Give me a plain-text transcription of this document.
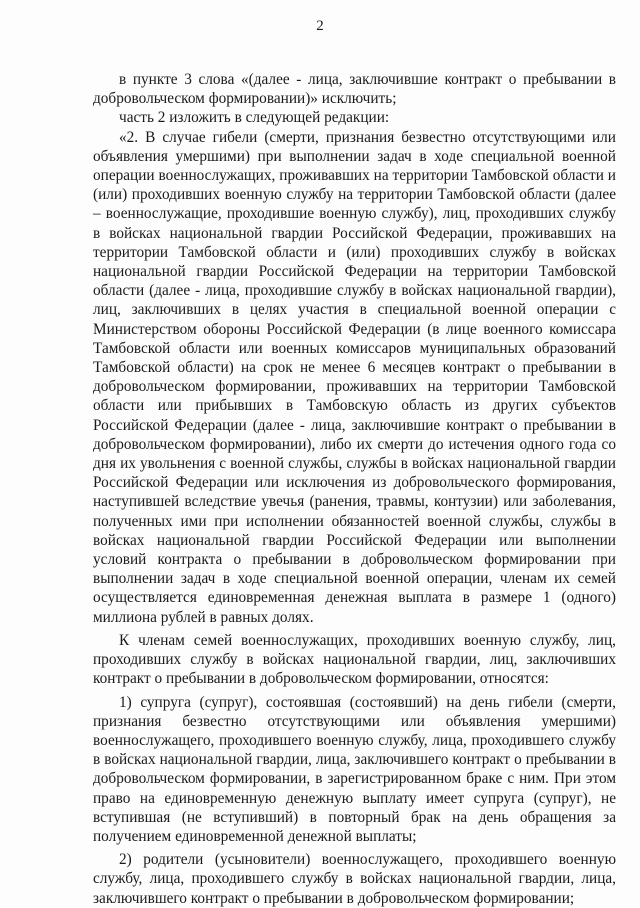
2

в пункте 3 слова «(далее - лица, заключившие контракт о пребывании в добровольческом формировании)» исключить;

часть 2 изложить в следующей редакции:

«2. В случае гибели (смерти, признания безвестно отсутствующими или объявления умершими) при выполнении задач в ходе специальной военной операции военнослужащих, проживавших на территории Тамбовской области и (или) проходивших военную службу на территории Тамбовской области (далее – военнослужащие, проходившие военную службу), лиц, проходивших службу в войсках национальной гвардии Российской Федерации, проживавших на территории Тамбовской области и (или) проходивших службу в войсках национальной гвардии Российской Федерации на территории Тамбовской области (далее - лица, проходившие службу в войсках национальной гвардии), лиц, заключивших в целях участия в специальной военной операции с Министерством обороны Российской Федерации (в лице военного комиссара Тамбовской области или военных комиссаров муниципальных образований Тамбовской области) на срок не менее 6 месяцев контракт о пребывании в добровольческом формировании, проживавших на территории Тамбовской области или прибывших в Тамбовскую область из других субъектов Российской Федерации (далее - лица, заключившие контракт о пребывании в добровольческом формировании), либо их смерти до истечения одного года со дня их увольнения с военной службы, службы в войсках национальной гвардии Российской Федерации или исключения из добровольческого формирования, наступившей вследствие увечья (ранения, травмы, контузии) или заболевания, полученных ими при исполнении обязанностей военной службы, службы в войсках национальной гвардии Российской Федерации или выполнении условий контракта о пребывании в добровольческом формировании при выполнении задач в ходе специальной военной операции, членам их семей осуществляется единовременная денежная выплата в размере 1 (одного) миллиона рублей в равных долях.

К членам семей военнослужащих, проходивших военную службу, лиц, проходивших службу в войсках национальной гвардии, лиц, заключивших контракт о пребывании в добровольческом формировании, относятся:

1) супруга (супруг), состоявшая (состоявший) на день гибели (смерти, признания безвестно отсутствующими или объявления умершими) военнослужащего, проходившего военную службу, лица, проходившего службу в войсках национальной гвардии, лица, заключившего контракт о пребывании в добровольческом формировании, в зарегистрированном браке с ним. При этом право на единовременную денежную выплату имеет супруга (супруг), не вступившая (не вступивший) в повторный брак на день обращения за получением единовременной денежной выплаты;

2) родители (усыновители) военнослужащего, проходившего военную службу, лица, проходившего службу в войсках национальной гвардии, лица, заключившего контракт о пребывании в добровольческом формировании;
